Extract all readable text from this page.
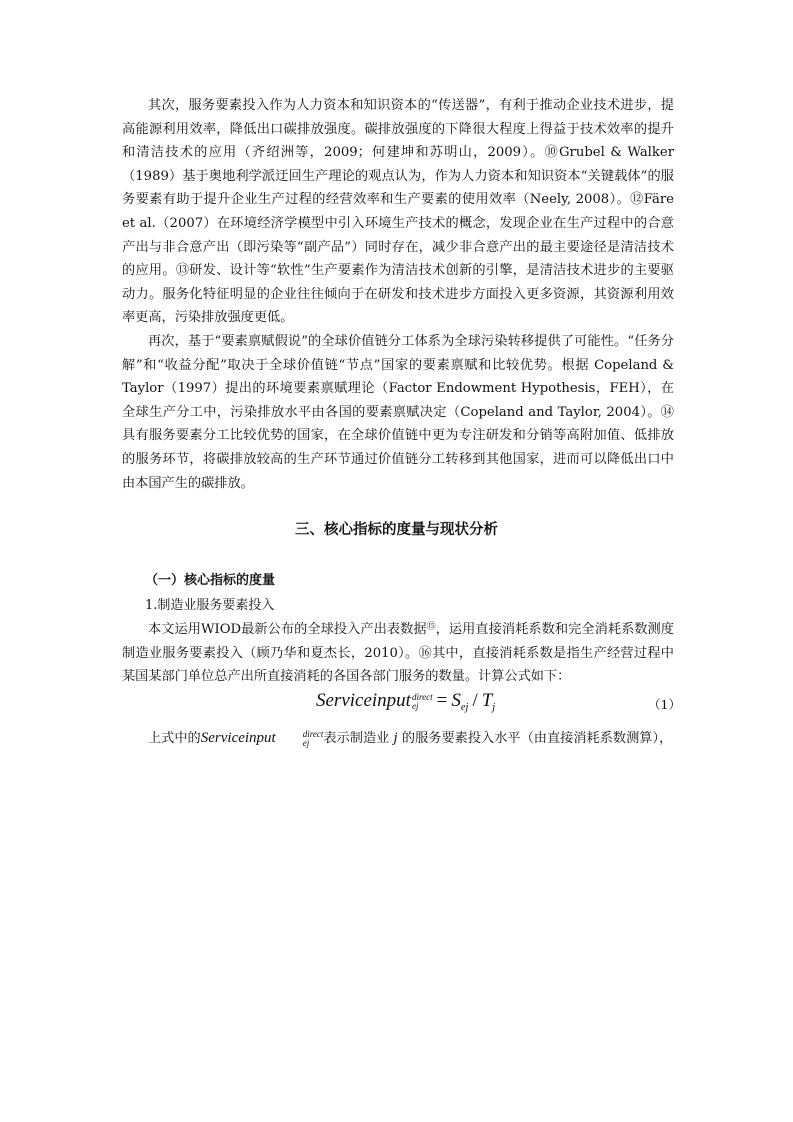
其次，服务要素投入作为人力资本和知识资本的“传送器”，有利于推动企业技术进步，提高能源利用效率，降低出口碳排放强度。碳排放强度的下降很大程度上得益于技术效率的提升和清洁技术的应用（齐绍洲等，2009；何建坤和苏明山，2009）。⑩Grubel & Walker（1989）基于奥地利学派迂回生产理论的观点认为，作为人力资本和知识资本“关键载体”的服务要素有助于提升企业生产过程的经营效率和生产要素的使用效率（Neely, 2008）。⑫Färe et al.（2007）在环境经济学模型中引入环境生产技术的概念，发现企业在生产过程中的合意产出与非合意产出（即污染等“副产品”）同时存在，减少非合意产出的最主要途径是清洁技术的应用。⑬研发、设计等“软性”生产要素作为清洁技术创新的引擎，是清洁技术进步的主要驱动力。服务化特征明显的企业往往倾向于在研发和技术进步方面投入更多资源，其资源利用效率更高，污染排放强度更低。

再次，基于“要素禀赋假说”的全球价值链分工体系为全球污染转移提供了可能性。“任务分解”和“收益分配”取决于全球价值链“节点”国家的要素禀赋和比较优势。根据 Copeland & Taylor（1997）提出的环境要素禀赋理论（Factor Endowment Hypothesis，FEH），在全球生产分工中，污染排放水平由各国的要素禀赋决定（Copeland and Taylor, 2004）。⑭具有服务要素分工比较优势的国家，在全球价值链中更为专注研发和分销等高附加值、低排放的服务环节，将碳排放较高的生产环节通过价值链分工转移到其他国家，进而可以降低出口中由本国产生的碳排放。

三、核心指标的度量与现状分析
（一）核心指标的度量
1.制造业服务要素投入

本文运用WIOD最新公布的全球投入产出表数据⑮，运用直接消耗系数和完全消耗系数测度制造业服务要素投入（顾乃华和夏杰长，2010）。⑯其中，直接消耗系数是指生产经营过程中某国某部门单位总产出所直接消耗的各国各部门服务的数量。计算公式如下：

Serviceinput direct
ej = $S_{ej} / T_j$	（1）

上式中的Serviceinput	direct
ej	表示制造业 j 的服务要素投入水平（由直接消耗系数测算），
